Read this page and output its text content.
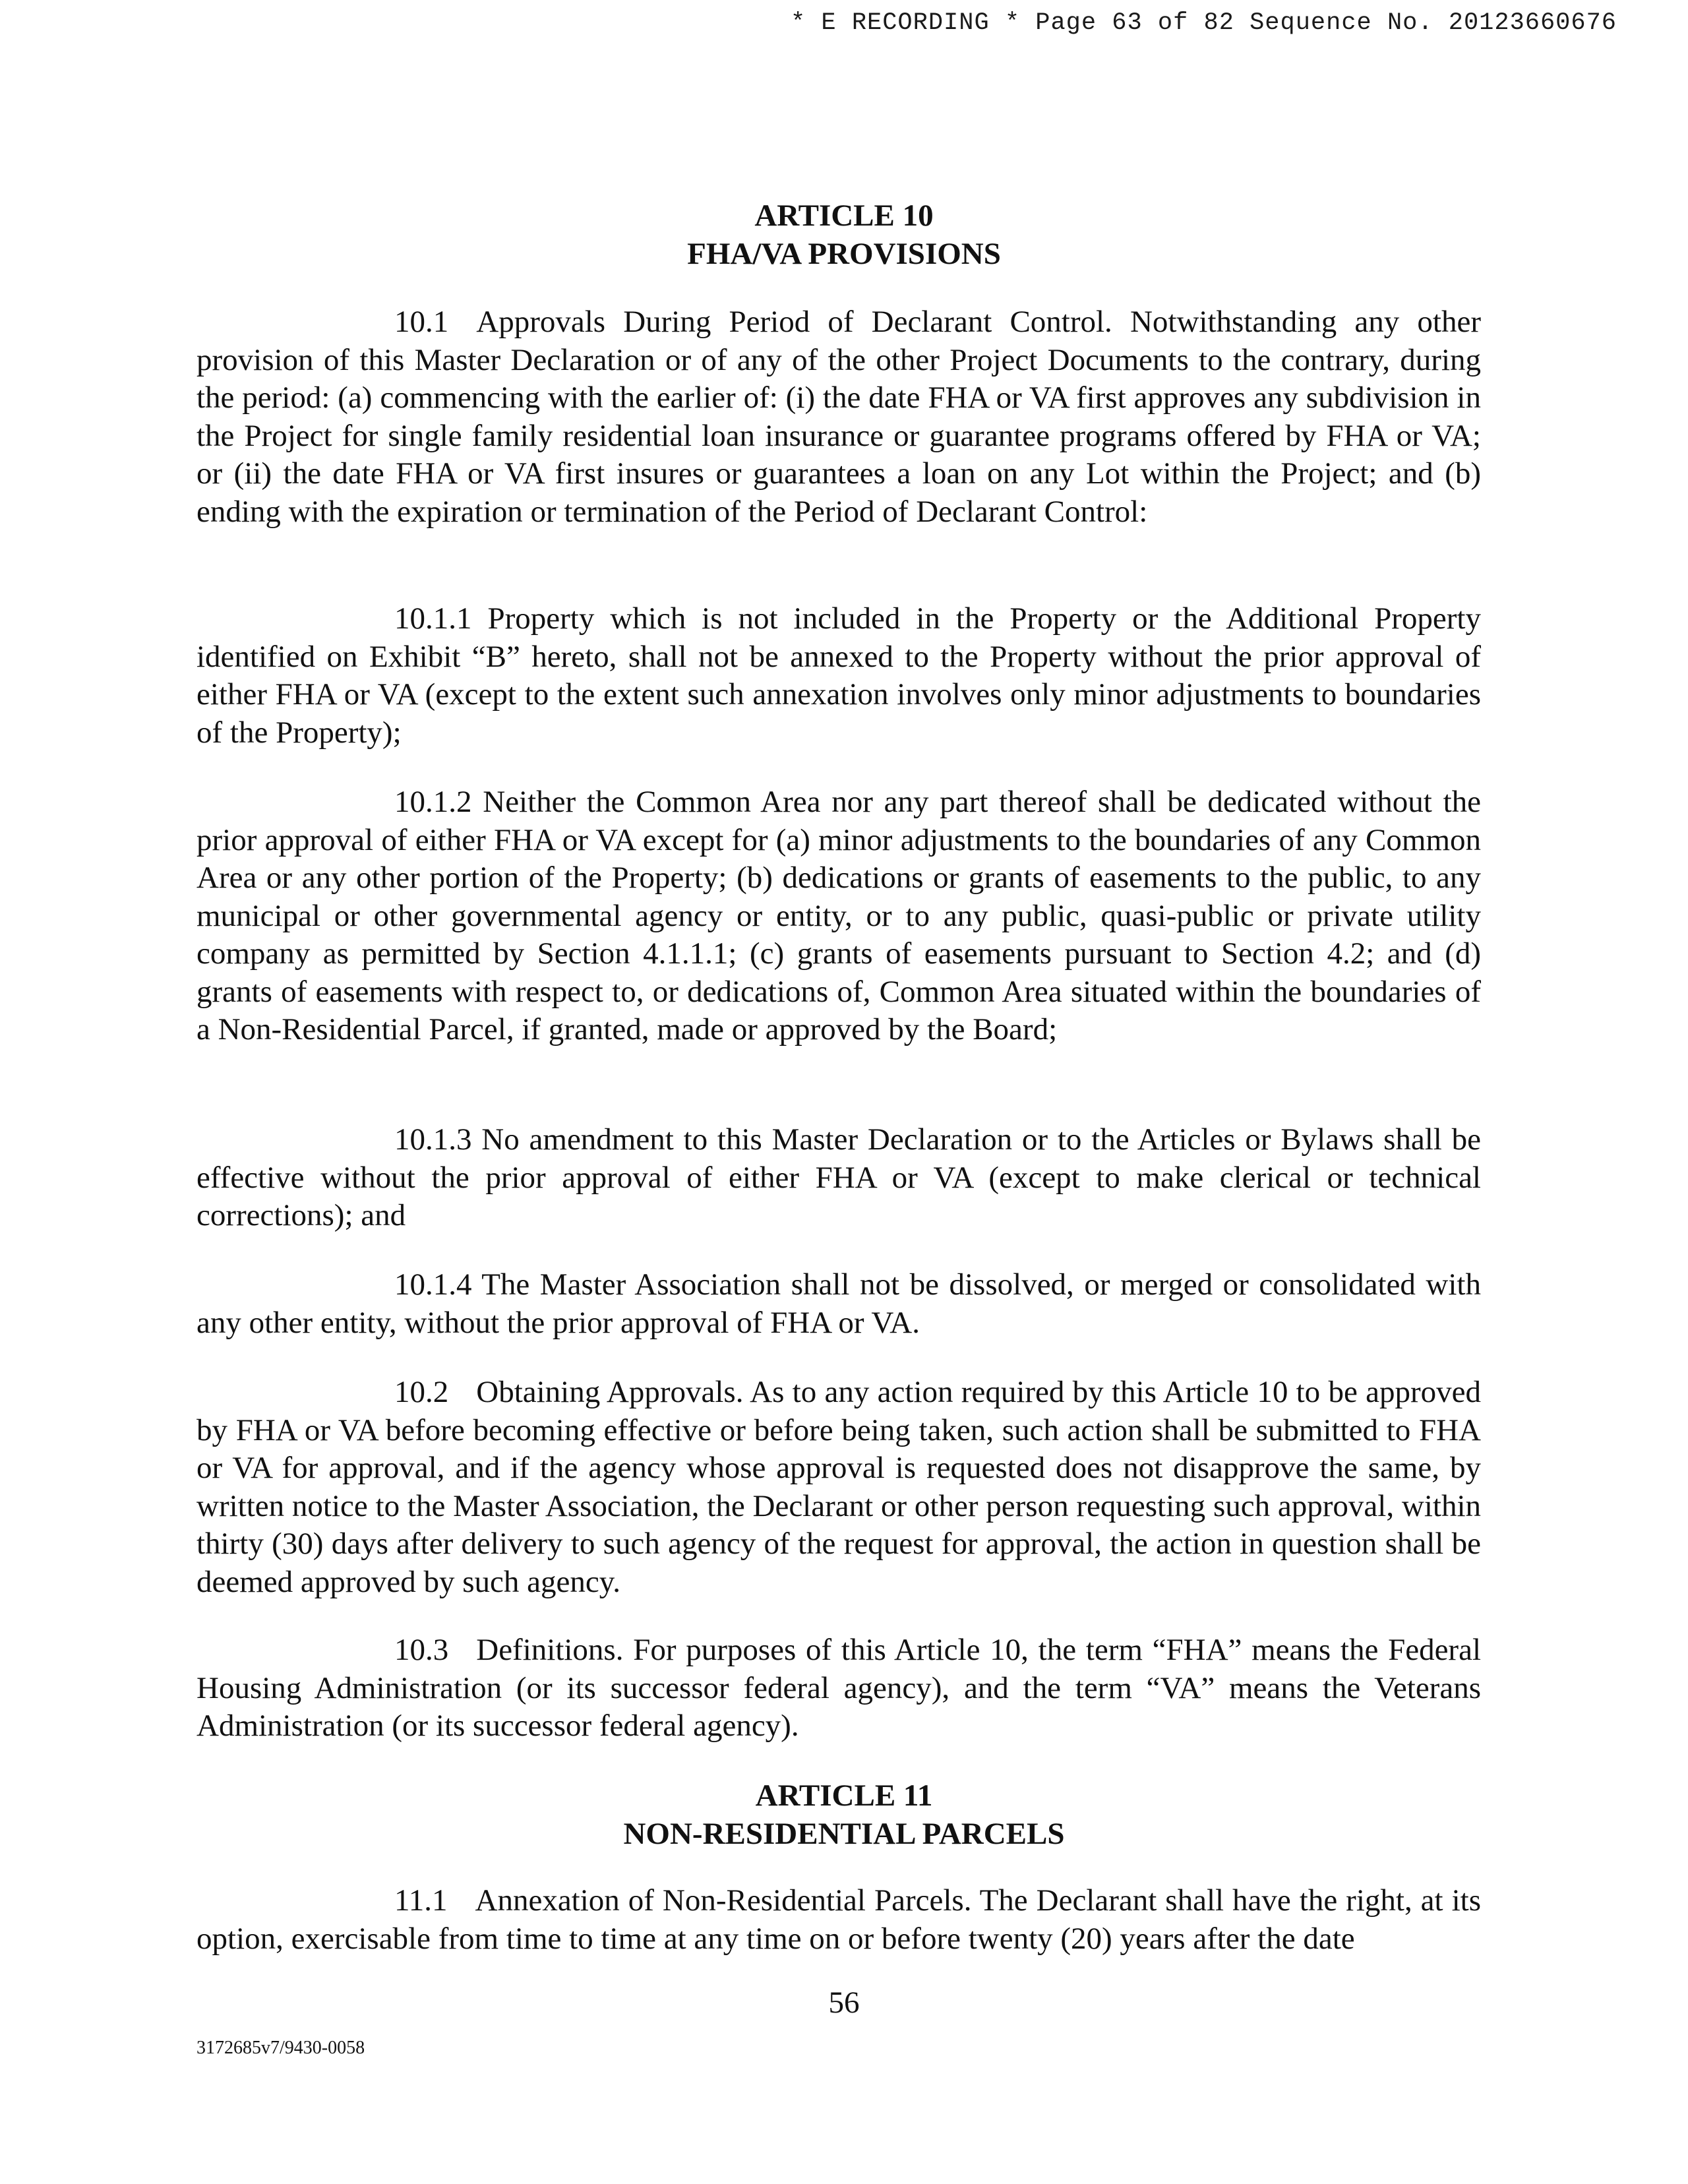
* E RECORDING * Page 63 of 82 Sequence No. 20123660676
ARTICLE 10
FHA/VA PROVISIONS
10.1 Approvals During Period of Declarant Control. Notwithstanding any other provision of this Master Declaration or of any of the other Project Documents to the contrary, during the period: (a) commencing with the earlier of: (i) the date FHA or VA first approves any subdivision in the Project for single family residential loan insurance or guarantee programs offered by FHA or VA; or (ii) the date FHA or VA first insures or guarantees a loan on any Lot within the Project; and (b) ending with the expiration or termination of the Period of Declarant Control:
10.1.1 Property which is not included in the Property or the Additional Property identified on Exhibit “B” hereto, shall not be annexed to the Property without the prior approval of either FHA or VA (except to the extent such annexation involves only minor adjustments to boundaries of the Property);
10.1.2 Neither the Common Area nor any part thereof shall be dedicated without the prior approval of either FHA or VA except for (a) minor adjustments to the boundaries of any Common Area or any other portion of the Property; (b) dedications or grants of easements to the public, to any municipal or other governmental agency or entity, or to any public, quasi-public or private utility company as permitted by Section 4.1.1.1; (c) grants of easements pursuant to Section 4.2; and (d) grants of easements with respect to, or dedications of, Common Area situated within the boundaries of a Non-Residential Parcel, if granted, made or approved by the Board;
10.1.3 No amendment to this Master Declaration or to the Articles or Bylaws shall be effective without the prior approval of either FHA or VA (except to make clerical or technical corrections); and
10.1.4 The Master Association shall not be dissolved, or merged or consolidated with any other entity, without the prior approval of FHA or VA.
10.2 Obtaining Approvals. As to any action required by this Article 10 to be approved by FHA or VA before becoming effective or before being taken, such action shall be submitted to FHA or VA for approval, and if the agency whose approval is requested does not disapprove the same, by written notice to the Master Association, the Declarant or other person requesting such approval, within thirty (30) days after delivery to such agency of the request for approval, the action in question shall be deemed approved by such agency.
10.3 Definitions. For purposes of this Article 10, the term “FHA” means the Federal Housing Administration (or its successor federal agency), and the term “VA” means the Veterans Administration (or its successor federal agency).
ARTICLE 11
NON-RESIDENTIAL PARCELS
11.1 Annexation of Non-Residential Parcels. The Declarant shall have the right, at its option, exercisable from time to time at any time on or before twenty (20) years after the date
56
3172685v7/9430-0058
